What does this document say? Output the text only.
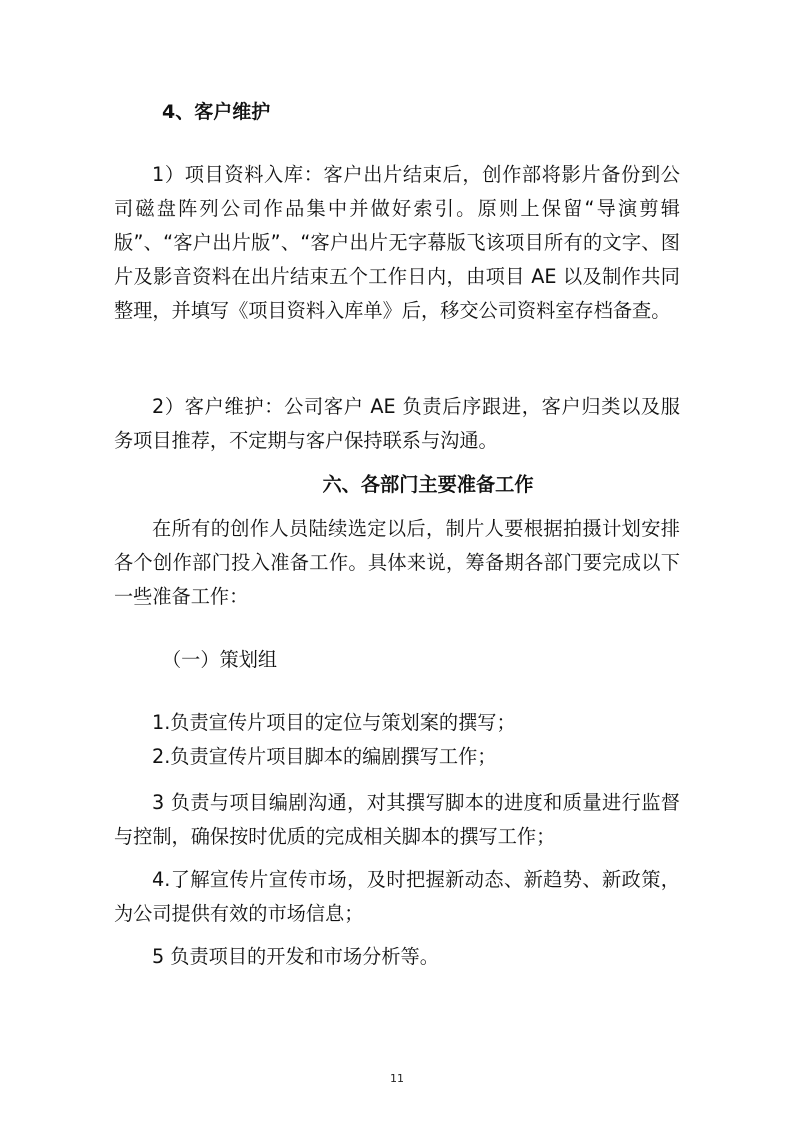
4、客户维护

1）项目资料入库：客户出片结束后，创作部将影片备份到公司磁盘阵列公司作品集中并做好索引。原则上保留“导演剪辑版”、“客户出片版”、“客户出片无字幕版飞该项目所有的文字、图片及影音资料在出片结束五个工作日内，由项目 AE 以及制作共同整理，并填写《项目资料入库单》后，移交公司资料室存档备查。

2）客户维护：公司客户 AE 负责后序跟进，客户归类以及服务项目推荐，不定期与客户保持联系与沟通。

六、各部门主要准备工作

在所有的创作人员陆续选定以后，制片人要根据拍摄计划安排各个创作部门投入准备工作。具体来说，筹备期各部门要完成以下一些准备工作：

（一）策划组

1.负责宣传片项目的定位与策划案的撰写；

2.负责宣传片项目脚本的编剧撰写工作；

3 负责与项目编剧沟通，对其撰写脚本的进度和质量进行监督与控制，确保按时优质的完成相关脚本的撰写工作；

4.了解宣传片宣传市场，及时把握新动态、新趋势、新政策，为公司提供有效的市场信息；

5 负责项目的开发和市场分析等。

11
